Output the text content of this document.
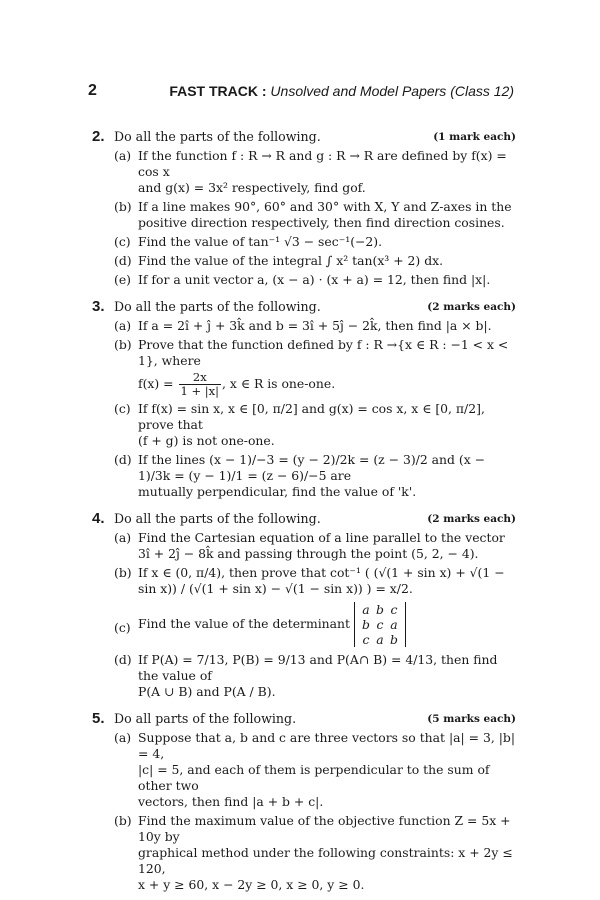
2	FAST TRACK : Unsolved and Model Papers (Class 12)
2. Do all the parts of the following.	(1 mark each)
(a) If the function f : R → R and g : R → R are defined by f(x) = cos x
and g(x) = 3x² respectively, find gof.
(b) If a line makes 90°, 60° and 30° with X, Y and Z-axes in the
positive direction respectively, then find direction cosines.
(c) Find the value of tan⁻¹ √3 − sec⁻¹(−2).
(d) Find the value of the integral ∫ x² tan(x³ + 2) dx.
(e) If for a unit vector a, (x − a) · (x + a) = 12, then find |x|.
3. Do all the parts of the following.	(2 marks each)
(a) If a = 2î + ĵ + 3k̂ and b = 3î + 5ĵ − 2k̂, then find |a × b|.
(b) Prove that the function defined by f : R →{x ∈ R : −1 < x < 1}, where
$f(x) = \frac{2x}{1 + |x|}$ , x ∈ R is one-one.
(c) If f(x) = sin x, x ∈ [0, π/2] and g(x) = cos x, x ∈ [0, π/2], prove that
(f + g) is not one-one.
(d) If the lines (x − 1)/−3 = (y − 2)/2k = (z − 3)/2 and (x − 1)/3k = (y − 1)/1 = (z − 6)/−5 are
mutually perpendicular, find the value of 'k'.
4. Do all the parts of the following.	(2 marks each)
(a) Find the Cartesian equation of a line parallel to the vector
3î + 2ĵ − 8k̂ and passing through the point (5, 2, − 4).
(b) If x ∈ (0, π/4), then prove that cot⁻¹ ( (√(1 + sin x) + √(1 − sin x)) / (√(1 + sin x) − √(1 − sin x)) ) = x/2.
(c) Find the value of the determinant a b c
b c a
c a b
(d) If P(A) = 7/13, P(B) = 9/13 and P(A∩ B) = 4/13, then find the value of
P(A ∪ B) and P(A / B).
5. Do all parts of the following.	(5 marks each)
(a) Suppose that a, b and c are three vectors so that |a| = 3, |b| = 4,
|c| = 5, and each of them is perpendicular to the sum of other two
vectors, then find |a + b + c|.
(b) Find the maximum value of the objective function Z = 5x + 10y by
graphical method under the following constraints: x + 2y ≤ 120,
x + y ≥ 60, x − 2y ≥ 0, x ≥ 0, y ≥ 0.
